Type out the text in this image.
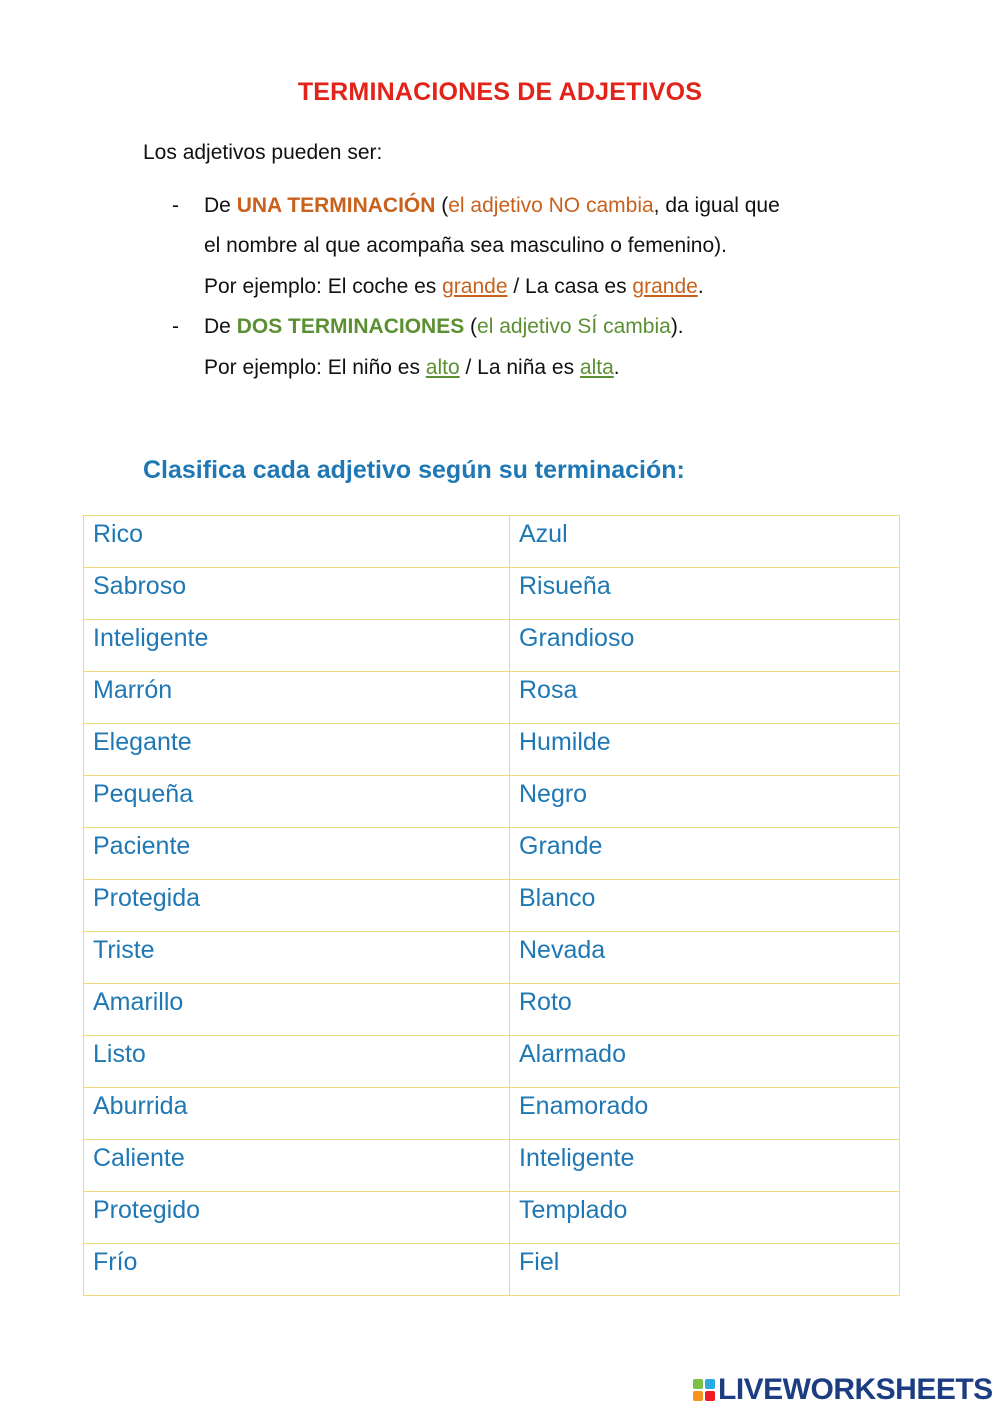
TERMINACIONES DE ADJETIVOS
Los adjetivos pueden ser:
- De UNA TERMINACIÓN (el adjetivo NO cambia, da igual que
el nombre al que acompaña sea masculino o femenino).
Por ejemplo: El coche es grande / La casa es grande.
- De DOS TERMINACIONES (el adjetivo SÍ cambia).
Por ejemplo: El niño es alto / La niña es alta.
Clasifica cada adjetivo según su terminación:
Rico	Azul
Sabroso	Risueña
Inteligente	Grandioso
Marrón	Rosa
Elegante	Humilde
Pequeña	Negro
Paciente	Grande
Protegida	Blanco
Triste	Nevada
Amarillo	Roto
Listo	Alarmado
Aburrida	Enamorado
Caliente	Inteligente
Protegido	Templado
Frío	Fiel
LIVEWORKSHEETS
